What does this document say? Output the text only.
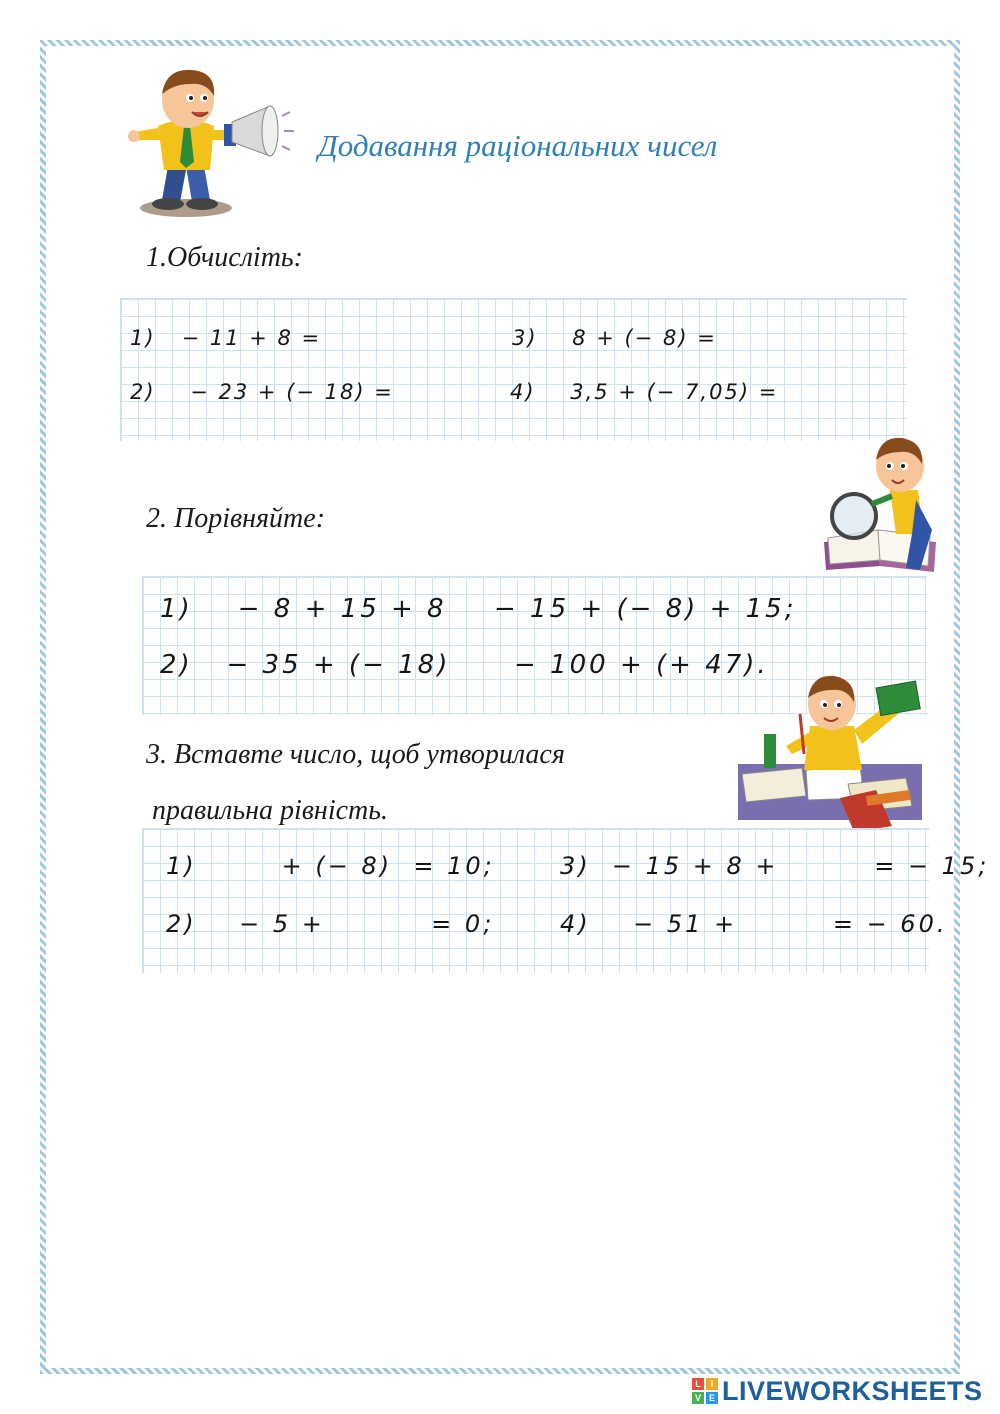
Додавання раціональних чисел
1.Обчисліть:
1)   − 11 + 8 =
2)    − 23 + (− 18) =
3)    8 + (− 8) =
4)    3,5 + (− 7,05) =
2. Порівняйте:
1)    − 8 + 15 + 8 − 15 + (− 8) + 15;
2)   − 35 + (− 18) − 100 + (+ 47).
3. Вставте число, щоб утворилася
правильна рівність.
1)        + (− 8)  = 10;
2)    − 5 +          = 0;
3)  − 15 + 8 +         = − 15;
4)    − 51 +         = − 60.
L	I
V E LIVEWORKSHEETS
